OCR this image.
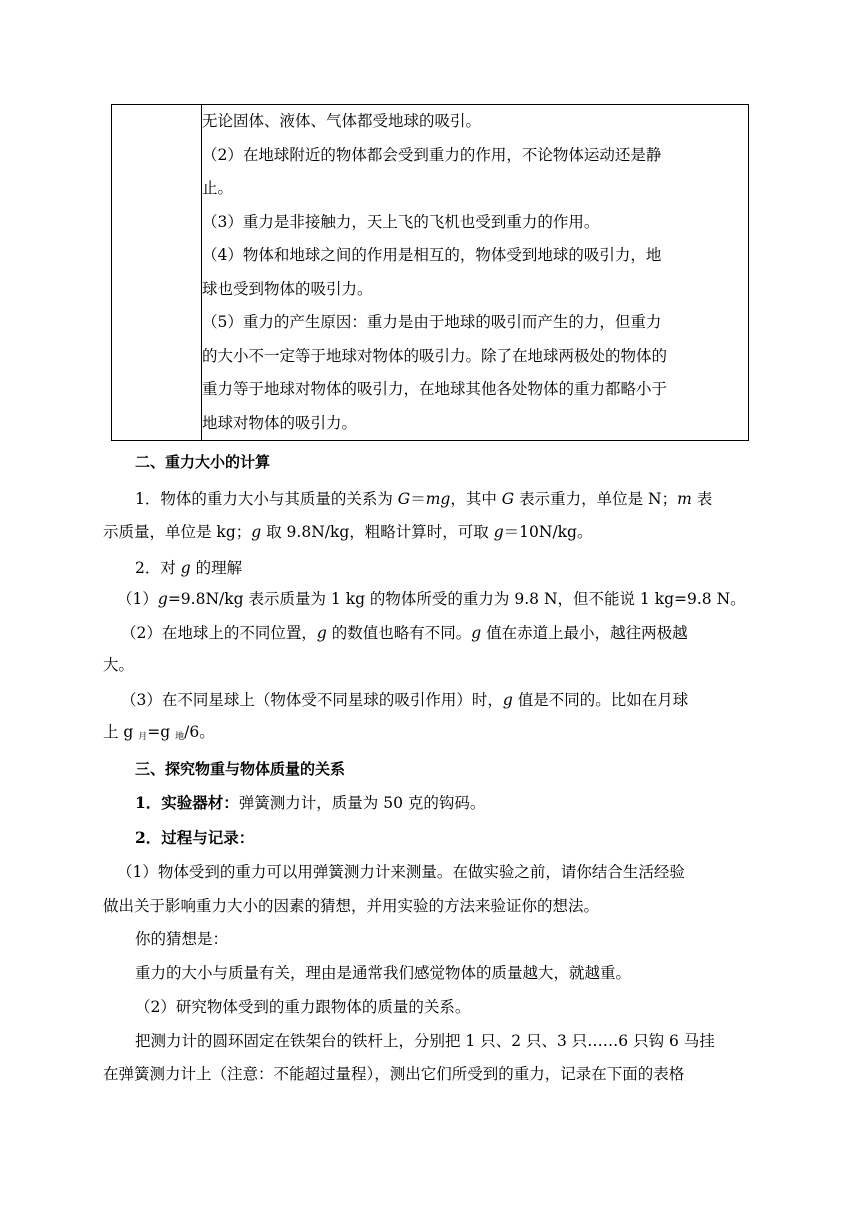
无论固体、液体、气体都受地球的吸引。

（2）在地球附近的物体都会受到重力的作用，不论物体运动还是静

止。

（3）重力是非接触力，天上飞的飞机也受到重力的作用。

（4）物体和地球之间的作用是相互的，物体受到地球的吸引力，地

球也受到物体的吸引力。

（5）重力的产生原因：重力是由于地球的吸引而产生的力，但重力

的大小不一定等于地球对物体的吸引力。除了在地球两极处的物体的

重力等于地球对物体的吸引力，在地球其他各处物体的重力都略小于

地球对物体的吸引力。

二、重力大小的计算
1．物体的重力大小与其质量的关系为 G＝mg，其中 G 表示重力，单位是 N；m 表
示质量，单位是 kg；g 取 9.8N/kg，粗略计算时，可取 g＝10N/kg。
2．对 g 的理解
（1）g=9.8N/kg 表示质量为 1 kg 的物体所受的重力为 9.8 N，但不能说 1 kg=9.8 N。
（2）在地球上的不同位置，g 的数值也略有不同。g 值在赤道上最小，越往两极越
大。
（3）在不同星球上（物体受不同星球的吸引作用）时，g 值是不同的。比如在月球
上 g $_月$=g $_地$/6。
三、探究物重与物体质量的关系
1．实验器材：弹簧测力计，质量为 50 克的钩码。
2．过程与记录：
（1）物体受到的重力可以用弹簧测力计来测量。在做实验之前，请你结合生活经验
做出关于影响重力大小的因素的猜想，并用实验的方法来验证你的想法。
你的猜想是：
重力的大小与质量有关，理由是通常我们感觉物体的质量越大，就越重。
（2）研究物体受到的重力跟物体的质量的关系。
把测力计的圆环固定在铁架台的铁杆上，分别把 1 只、2 只、3 只……6 只钩 6 马挂
在弹簧测力计上（注意：不能超过量程），测出它们所受到的重力，记录在下面的表格
